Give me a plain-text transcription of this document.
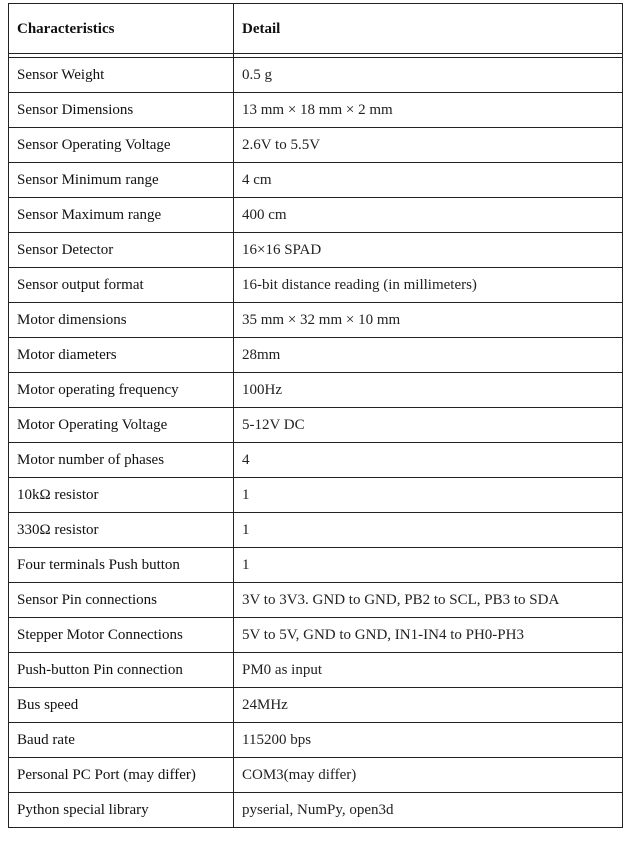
Characteristics	Detail

Sensor Weight	0.5 g
Sensor Dimensions	13 mm × 18 mm × 2 mm
Sensor Operating Voltage	2.6V to 5.5V
Sensor Minimum range	4 cm
Sensor Maximum range	400 cm
Sensor Detector	16×16 SPAD
Sensor output format	16-bit distance reading (in millimeters)
Motor dimensions	35 mm × 32 mm × 10 mm
Motor diameters	28mm
Motor operating frequency	100Hz
Motor Operating Voltage	5-12V DC
Motor number of phases	4
10kΩ resistor	1
330Ω resistor	1
Four terminals Push button	1
Sensor Pin connections	3V to 3V3. GND to GND, PB2 to SCL, PB3 to SDA
Stepper Motor Connections	5V to 5V, GND to GND, IN1-IN4 to PH0-PH3
Push-button Pin connection	PM0 as input
Bus speed	24MHz
Baud rate	115200 bps
Personal PC Port (may differ)	COM3(may differ)
Python special library	pyserial, NumPy, open3d
